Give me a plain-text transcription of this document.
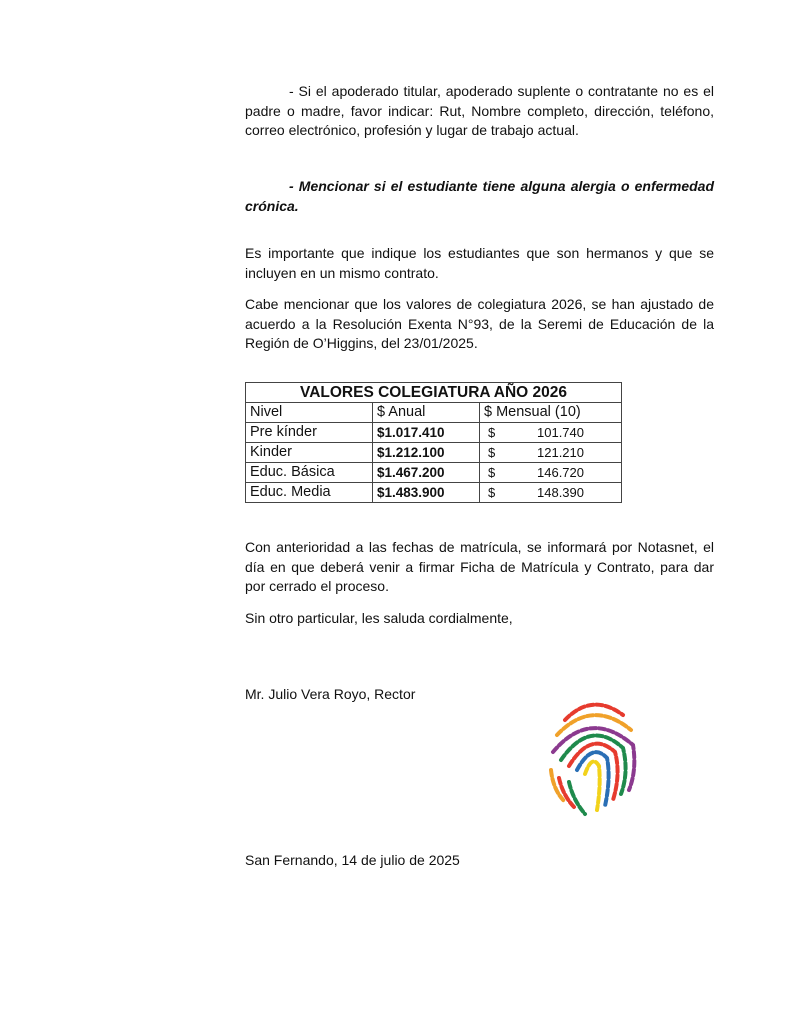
- Si el apoderado titular, apoderado suplente o contratante no es el padre o madre, favor indicar: Rut, Nombre completo, dirección, teléfono, correo electrónico, profesión y lugar de trabajo actual.

- Mencionar si el estudiante tiene alguna alergia o enfermedad crónica.

Es importante que indique los estudiantes que son hermanos y que se incluyen en un mismo contrato.

Cabe mencionar que los valores de colegiatura 2026, se han ajustado de acuerdo a la Resolución Exenta N°93, de la Seremi de Educación de la Región de O’Higgins, del 23/01/2025.

VALORES COLEGIATURA AÑO 2026		
Nivel	$ Anual	$ Mensual (10)
Pre kínder	$1.017.410	$ 101.740
Kinder	$1.212.100	$ 121.210
Educ. Básica	$1.467.200	$ 146.720
Educ. Media	$1.483.900	$ 148.390

Con anterioridad a las fechas de matrícula, se informará por Notasnet, el día en que deberá venir a firmar Ficha de Matrícula y Contrato, para dar por cerrado el proceso.

Sin otro particular, les saluda cordialmente,

Mr. Julio Vera Royo, Rector

San Fernando, 14 de julio de 2025
